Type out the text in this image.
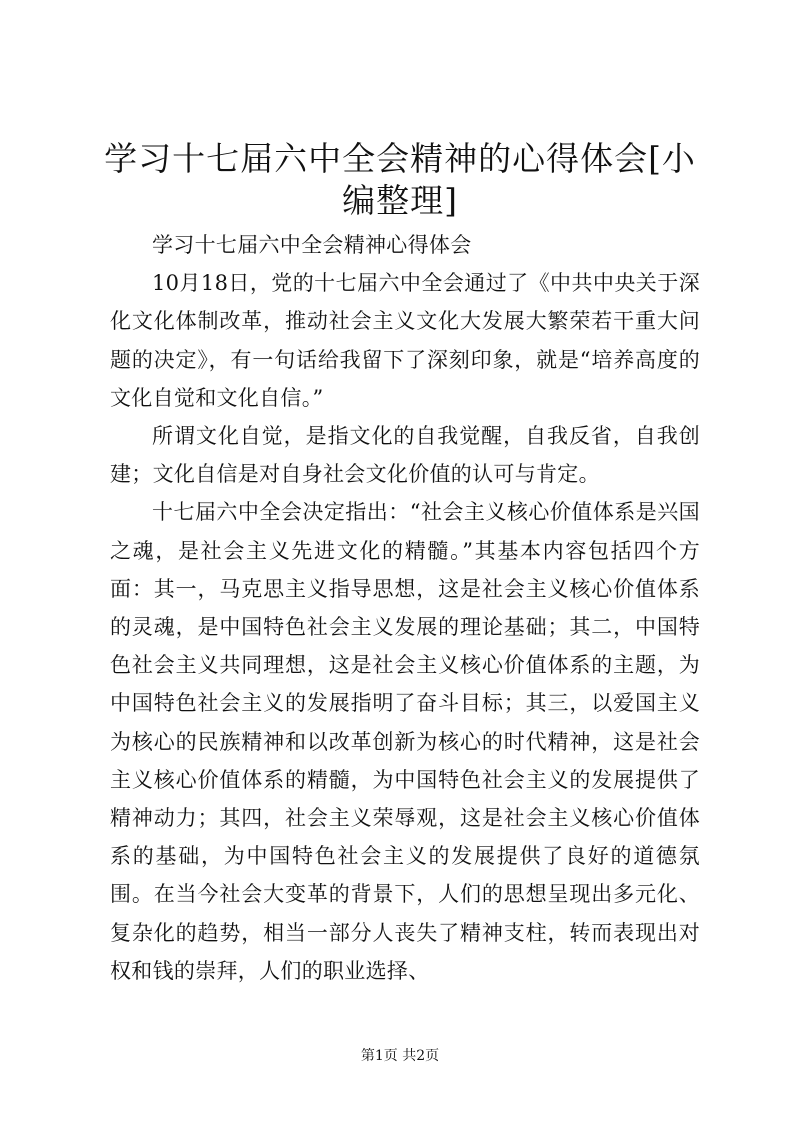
学习十七届六中全会精神的心得体会[小编整理]

学习十七届六中全会精神心得体会

10月18日，党的十七届六中全会通过了《中共中央关于深化文化体制改革，推动社会主义文化大发展大繁荣若干重大问题的决定》，有一句话给我留下了深刻印象，就是“培养高度的文化自觉和文化自信。”

所谓文化自觉，是指文化的自我觉醒，自我反省，自我创建；文化自信是对自身社会文化价值的认可与肯定。

十七届六中全会决定指出：“社会主义核心价值体系是兴国之魂，是社会主义先进文化的精髓。”其基本内容包括四个方面：其一，马克思主义指导思想，这是社会主义核心价值体系的灵魂，是中国特色社会主义发展的理论基础；其二，中国特色社会主义共同理想，这是社会主义核心价值体系的主题，为中国特色社会主义的发展指明了奋斗目标；其三，以爱国主义为核心的民族精神和以改革创新为核心的时代精神，这是社会主义核心价值体系的精髓，为中国特色社会主义的发展提供了精神动力；其四，社会主义荣辱观，这是社会主义核心价值体系的基础，为中国特色社会主义的发展提供了良好的道德氛围。在当今社会大变革的背景下，人们的思想呈现出多元化、复杂化的趋势，相当一部分人丧失了精神支柱，转而表现出对权和钱的崇拜，人们的职业选择、

第1页 共2页
